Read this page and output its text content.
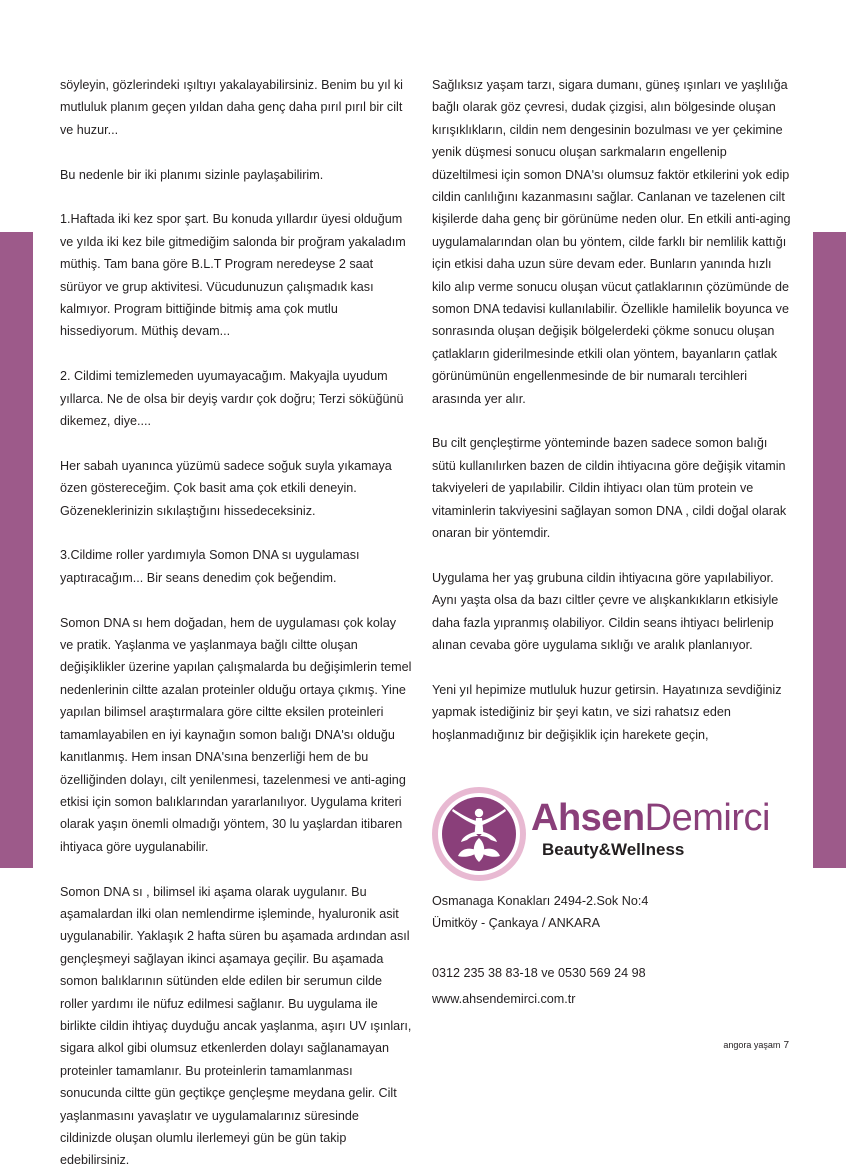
söyleyin, gözlerindeki ışıltıyı yakalayabilirsiniz. Benim bu yıl ki mutluluk planım geçen yıldan daha genç daha pırıl pırıl bir cilt ve huzur...

Bu nedenle bir iki planımı sizinle paylaşabilirim.

1.Haftada iki kez spor şart. Bu konuda yıllardır üyesi olduğum ve yılda iki kez bile gitmediğim salonda bir proğram yakaladım müthiş. Tam bana göre B.L.T Program neredeyse 2 saat sürüyor ve grup aktivitesi. Vücudunuzun çalışmadık kası kalmıyor. Program bittiğinde bitmiş ama çok mutlu hissediyorum. Müthiş devam...

2. Cildimi temizlemeden uyumayacağım. Makyajla uyudum yıllarca. Ne de olsa bir deyiş vardır çok doğru; Terzi söküğünü dikemez, diye....

Her sabah uyanınca yüzümü sadece soğuk suyla yıkamaya özen göstereceğim. Çok basit ama çok etkili deneyin. Gözeneklerinizin sıkılaştığını hissedeceksiniz.

3.Cildime roller yardımıyla Somon DNA sı uygulaması yaptıracağım... Bir seans denedim çok beğendim.

Somon DNA sı hem doğadan, hem de uygulaması çok kolay ve pratik. Yaşlanma ve yaşlanmaya bağlı ciltte oluşan değişiklikler üzerine yapılan çalışmalarda bu değişimlerin temel nedenlerinin ciltte azalan proteinler olduğu ortaya çıkmış. Yine yapılan bilimsel araştırmalara göre ciltte eksilen proteinleri tamamlayabilen en iyi kaynağın somon balığı DNA'sı olduğu kanıtlanmış. Hem insan DNA'sına benzerliği hem de bu özelliğinden dolayı, cilt yenilenmesi, tazelenmesi ve anti-aging etkisi için somon balıklarından yararlanılıyor. Uygulama kriteri olarak yaşın önemli olmadığı yöntem, 30 lu yaşlardan itibaren ihtiyaca göre uygulanabilir.

Somon DNA sı , bilimsel iki aşama olarak uygulanır. Bu aşamalardan ilki olan nemlendirme işleminde, hyaluronik asit uygulanabilir. Yaklaşık 2 hafta süren bu aşamada ardından asıl gençleşmeyi sağlayan ikinci aşamaya geçilir. Bu aşamada somon balıklarının sütünden elde edilen bir serumun cilde roller yardımı ile nüfuz edilmesi sağlanır. Bu uygulama ile birlikte cildin ihtiyaç duyduğu ancak yaşlanma, aşırı UV ışınları, sigara alkol gibi olumsuz etkenlerden dolayı sağlanamayan proteinler tamamlanır. Bu proteinlerin tamamlanması sonucunda ciltte gün geçtikçe gençleşme meydana gelir. Cilt yaşlanmasını yavaşlatır ve uygulamalarınız süresinde cildinizde oluşan olumlu ilerlemeyi gün be gün takip edebilirsiniz.

Sağlıksız yaşam tarzı, sigara dumanı, güneş ışınları ve yaşlılığa bağlı olarak göz çevresi, dudak çizgisi, alın bölgesinde oluşan kırışıklıkların, cildin nem dengesinin bozulması ve yer çekimine yenik düşmesi sonucu oluşan sarkmaların engellenip düzeltilmesi için somon DNA'sı olumsuz faktör etkilerini yok edip cildin canlılığını kazanmasını sağlar. Canlanan ve tazelenen cilt kişilerde daha genç bir görünüme neden olur. En etkili anti-aging uygulamalarından olan bu yöntem, cilde farklı bir nemlilik kattığı için etkisi daha uzun süre devam eder. Bunların yanında hızlı kilo alıp verme sonucu oluşan vücut çatlaklarının çözümünde de somon DNA tedavisi kullanılabilir. Özellikle hamilelik boyunca ve sonrasında oluşan değişik bölgelerdeki çökme sonucu oluşan çatlakların giderilmesinde etkili olan yöntem, bayanların çatlak görünümünün engellenmesinde de bir numaralı tercihleri arasında yer alır.

Bu cilt gençleştirme yönteminde bazen sadece somon balığı sütü kullanılırken bazen de cildin ihtiyacına göre değişik vitamin takviyeleri de yapılabilir. Cildin ihtiyacı olan tüm protein ve vitaminlerin takviyesini sağlayan somon DNA , cildi doğal olarak onaran bir yöntemdir.

Uygulama her yaş grubuna cildin ihtiyacına göre yapılabiliyor. Aynı yaşta olsa da bazı ciltler çevre ve alışkankıkların etkisiyle daha fazla yıpranmış olabiliyor. Cildin seans ihtiyacı belirlenip alınan cevaba göre uygulama sıklığı ve aralık planlanıyor.

Yeni yıl hepimize mutluluk huzur getirsin. Hayatınıza sevdiğiniz yapmak istediğiniz bir şeyi katın, ve sizi rahatsız eden hoşlanmadığınız bir değişiklik için harekete geçin,

AhsenDemirci
Beauty&Wellness
Osmanaga Konakları 2494-2.Sok No:4
Ümitköy - Çankaya / ANKARA
0312 235 38 83-18 ve 0530 569 24 98
www.ahsendemirci.com.tr
angora yaşam 7
